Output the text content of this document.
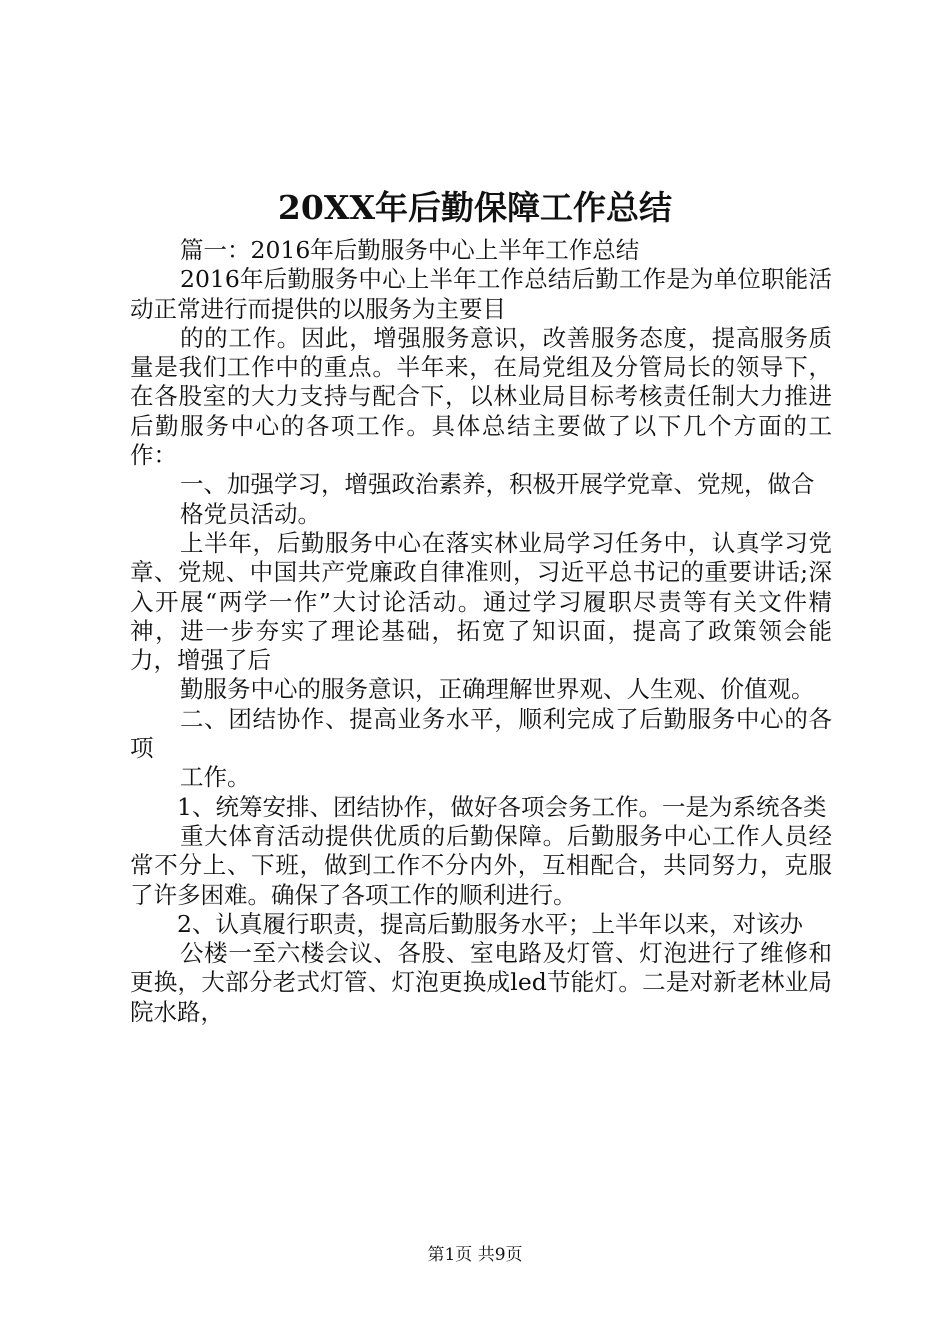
20XX年后勤保障工作总结

篇一：2016年后勤服务中心上半年工作总结

2016年后勤服务中心上半年工作总结后勤工作是为单位职能活动正常进行而提供的以服务为主要目

的的工作。因此，增强服务意识，改善服务态度，提高服务质量是我们工作中的重点。半年来，在局党组及分管局长的领导下，在各股室的大力支持与配合下，以林业局目标考核责任制大力推进后勤服务中心的各项工作。具体总结主要做了以下几个方面的工作：

一、加强学习，增强政治素养，积极开展学党章、党规，做合

格党员活动。

上半年，后勤服务中心在落实林业局学习任务中，认真学习党章、党规、中国共产党廉政自律准则，习近平总书记的重要讲话;深入开展“两学一作”大讨论活动。通过学习履职尽责等有关文件精神，进一步夯实了理论基础，拓宽了知识面，提高了政策领会能力，增强了后

勤服务中心的服务意识，正确理解世界观、人生观、价值观。

二、团结协作、提高业务水平，顺利完成了后勤服务中心的各项

工作。

1、统筹安排、团结协作，做好各项会务工作。一是为系统各类

重大体育活动提供优质的后勤保障。后勤服务中心工作人员经常不分上、下班，做到工作不分内外，互相配合，共同努力，克服了许多困难。确保了各项工作的顺利进行。

2、认真履行职责，提高后勤服务水平；上半年以来，对该办

公楼一至六楼会议、各股、室电路及灯管、灯泡进行了维修和更换，大部分老式灯管、灯泡更换成led节能灯。二是对新老林业局院水路，

第1页 共9页
